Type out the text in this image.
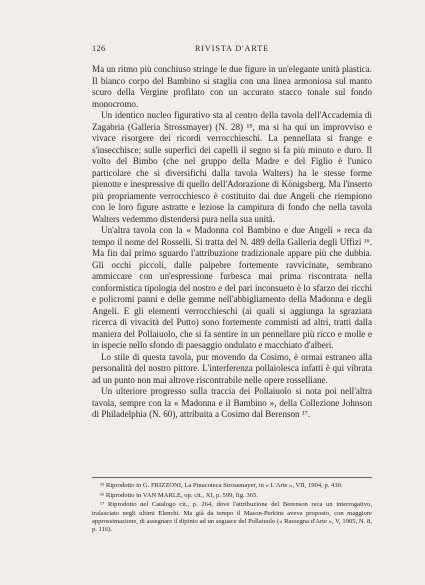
126	RIVISTA D'ARTE

Ma un ritmo più conchiuso stringe le due figure in un'elegante unità plastica. Il bianco corpo del Bambino si staglia con una linea armoniosa sul manto scuro della Vergine profilato con un accurato stacco tonale sul fondo monocromo.

Un identico nucleo figurativo sta al centro della tavola dell'Accademia di Zagabria (Galleria Strossmayer) (N. 28) ¹⁵, ma si ha qui un improvviso e vivace risorgere dei ricordi verrocchieschi. La pennellata si frange e s'insecchisce; sulle superfici dei capelli il segno si fa più minuto e duro. Il volto del Bimbo (che nel gruppo della Madre e del Figlio è l'unico particolare che si diversifichi dalla tavola Walters) ha le stesse forme pienotte e inespressive di quello dell'Adorazione di Königsberg. Ma l'inserto più propriamente verrocchiesco è costituito dai due Angeli che riempiono con le loro figure astratte e leziose la campitura di fondo che nella tavola Walters vedemmo distendersi pura nella sua unità.

Un'altra tavola con la « Madonna col Bambino e due Angeli » reca da tempo il nome del Rosselli. Si tratta del N. 489 della Galleria degli Uffizi ¹⁶. Ma fin dal primo sguardo l'attribuzione tradizionale appare più che dubbia. Gli occhi piccoli, dalle palpebre fortemente ravvicinate, sembrano ammiccare con un'espressione furbesca mai prima riscontrata nella conformistica tipologia del nostro e del pari inconsueto è lo sfarzo dei ricchi e policromi panni e delle gemme nell'abbigliamento della Madonna e degli Angeli. E gli elementi verrocchieschi (ai quali si aggiunga la sgraziata ricerca di vivacità del Putto) sono fortemente commisti ad altri, tratti dalla maniera del Pollaiuolo, che si fa sentire in un pennellare più ricco e molle e in ispecie nello sfondo di paesaggio ondulato e macchiato d'alberi.

Lo stile di questa tavola, pur movendo da Cosimo, è ormai estraneo alla personalità del nostro pittore. L'interferenza pollaiolesca infatti è qui vibrata ad un punto non mai altrove riscontrabile nelle opere rosselliane.

Un ulteriore progresso sulla traccia dei Pollaiuolo si nota poi nell'altra tavola, sempre con la « Madonna e il Bambino », della Collezione Johnson di Philadelphia (N. 60), attribuita a Cosimo dal Berenson ¹⁷.

¹⁵ Riprodotto in G. FRIZZONI, La Pinacoteca Strossmayer, in « L'Arte », VII, 1904, p. 430.

¹⁶ Riprodotto in VAN MARLE, op. cit., XI, p. 599, fig. 365.

¹⁷ Riprodotto nel Catalogo cit., p. 264, dove l'attribuzione del Berenson reca un interrogativo, tralasciato negli ultimi Elenchi. Ma già da tempo il Mason-Perkins aveva proposto, con maggiore approssimazione, di assegnare il dipinto ad un seguace del Pollaiuolo (« Rassegna d'Arte », V, 1905, N. 8, p. 116).
